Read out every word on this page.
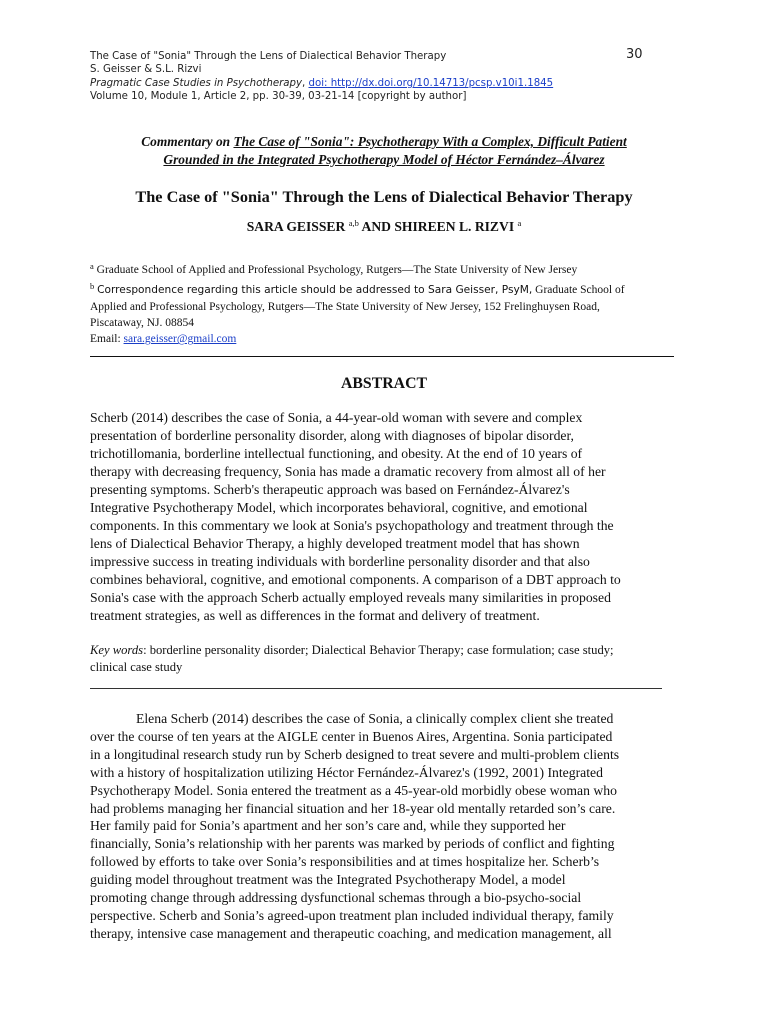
The Case of "Sonia" Through the Lens of Dialectical Behavior Therapy
S. Geisser & S.L. Rizvi
Pragmatic Case Studies in Psychotherapy, doi: http://dx.doi.org/10.14713/pcsp.v10i1.1845
Volume 10, Module 1, Article 2, pp. 30-39, 03-21-14 [copyright by author]
30
Commentary on The Case of "Sonia": Psychotherapy With a Complex, Difficult Patient
Grounded in the Integrated Psychotherapy Model of Héctor Fernández–Álvarez
The Case of "Sonia" Through the Lens of Dialectical Behavior Therapy
SARA GEISSER $^{a,b}$ AND SHIREEN L. RIZVI $^a$
$^a$ Graduate School of Applied and Professional Psychology, Rutgers—The State University of New Jersey
$^b$ Correspondence regarding this article should be addressed to Sara Geisser, PsyM, Graduate School of
Applied and Professional Psychology, Rutgers—The State University of New Jersey, 152 Frelinghuysen Road,
Piscataway, NJ. 08854
Email: sara.geisser@gmail.com
ABSTRACT

Scherb (2014) describes the case of Sonia, a 44-year-old woman with severe and complex
presentation of borderline personality disorder, along with diagnoses of bipolar disorder,
trichotillomania, borderline intellectual functioning, and obesity. At the end of 10 years of
therapy with decreasing frequency, Sonia has made a dramatic recovery from almost all of her
presenting symptoms. Scherb's therapeutic approach was based on Fernández-Álvarez's
Integrative Psychotherapy Model, which incorporates behavioral, cognitive, and emotional
components. In this commentary we look at Sonia's psychopathology and treatment through the
lens of Dialectical Behavior Therapy, a highly developed treatment model that has shown
impressive success in treating individuals with borderline personality disorder and that also
combines behavioral, cognitive, and emotional components. A comparison of a DBT approach to
Sonia's case with the approach Scherb actually employed reveals many similarities in proposed
treatment strategies, as well as differences in the format and delivery of treatment.

Key words: borderline personality disorder; Dialectical Behavior Therapy; case formulation; case study;
clinical case study

Elena Scherb (2014) describes the case of Sonia, a clinically complex client she treated
over the course of ten years at the AIGLE center in Buenos Aires, Argentina. Sonia participated
in a longitudinal research study run by Scherb designed to treat severe and multi-problem clients
with a history of hospitalization utilizing Héctor Fernández-Álvarez's (1992, 2001) Integrated
Psychotherapy Model. Sonia entered the treatment as a 45-year-old morbidly obese woman who
had problems managing her financial situation and her 18-year old mentally retarded son’s care.
Her family paid for Sonia’s apartment and her son’s care and, while they supported her
financially, Sonia’s relationship with her parents was marked by periods of conflict and fighting
followed by efforts to take over Sonia’s responsibilities and at times hospitalize her. Scherb’s
guiding model throughout treatment was the Integrated Psychotherapy Model, a model
promoting change through addressing dysfunctional schemas through a bio-psycho-social
perspective. Scherb and Sonia’s agreed-upon treatment plan included individual therapy, family
therapy, intensive case management and therapeutic coaching, and medication management, all
